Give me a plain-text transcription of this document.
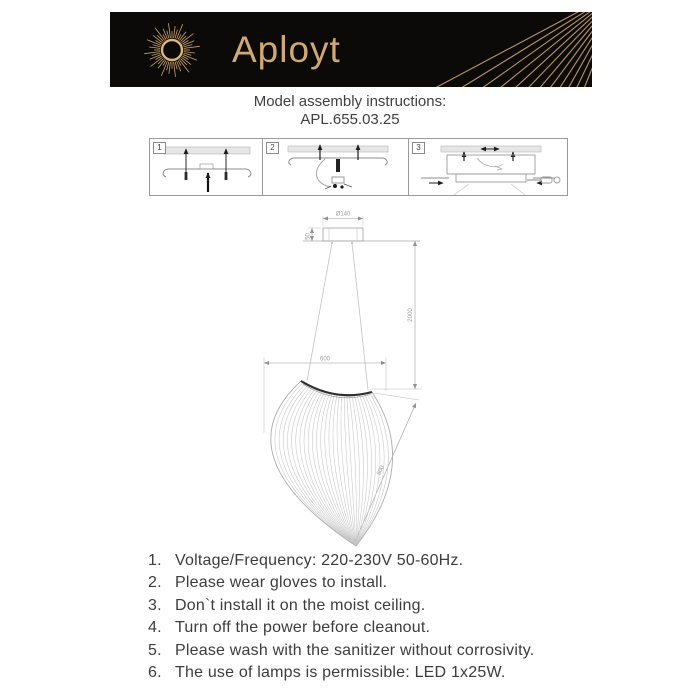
Aployt
Model assembly instructions:
APL.655.03.25
1	2	3
Ø140
50
2000
600
800
1. Voltage/Frequency: 220-230V 50-60Hz.
2. Please wear gloves to install.
3. Don`t install it on the moist ceiling.
4. Turn off the power before cleanout.
5. Please wash with the sanitizer without corrosivity.
6. The use of lamps is permissible: LED 1x25W.
